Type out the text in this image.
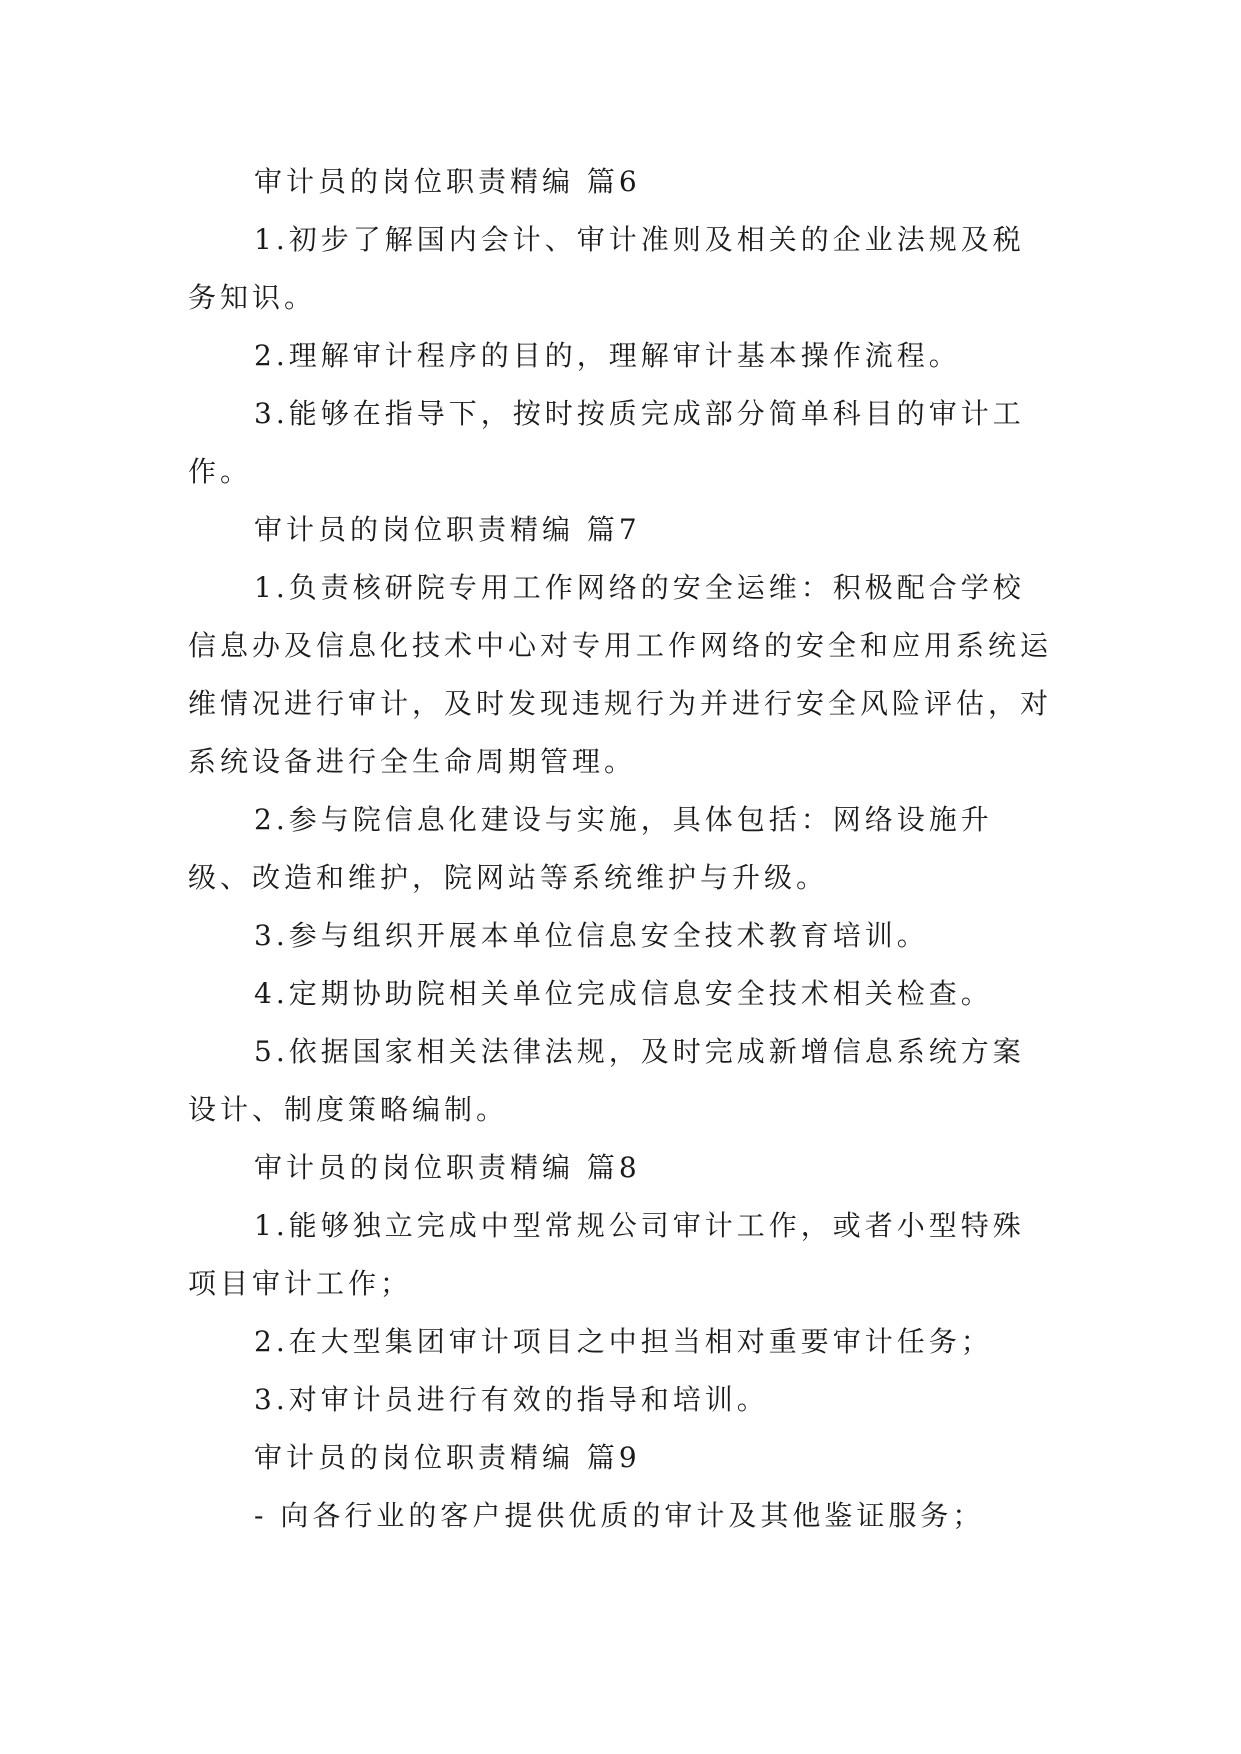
审计员的岗位职责精编 篇6

1.初步了解国内会计、审计准则及相关的企业法规及税务知识。

2.理解审计程序的目的，理解审计基本操作流程。

3.能够在指导下，按时按质完成部分简单科目的审计工作。

审计员的岗位职责精编 篇7

1.负责核研院专用工作网络的安全运维：积极配合学校信息办及信息化技术中心对专用工作网络的安全和应用系统运维情况进行审计，及时发现违规行为并进行安全风险评估，对系统设备进行全生命周期管理。

2.参与院信息化建设与实施，具体包括：网络设施升级、改造和维护，院网站等系统维护与升级。

3.参与组织开展本单位信息安全技术教育培训。

4.定期协助院相关单位完成信息安全技术相关检查。

5.依据国家相关法律法规，及时完成新增信息系统方案设计、制度策略编制。

审计员的岗位职责精编 篇8

1.能够独立完成中型常规公司审计工作，或者小型特殊项目审计工作；

2.在大型集团审计项目之中担当相对重要审计任务；

3.对审计员进行有效的指导和培训。

审计员的岗位职责精编 篇9

- 向各行业的客户提供优质的审计及其他鉴证服务；
